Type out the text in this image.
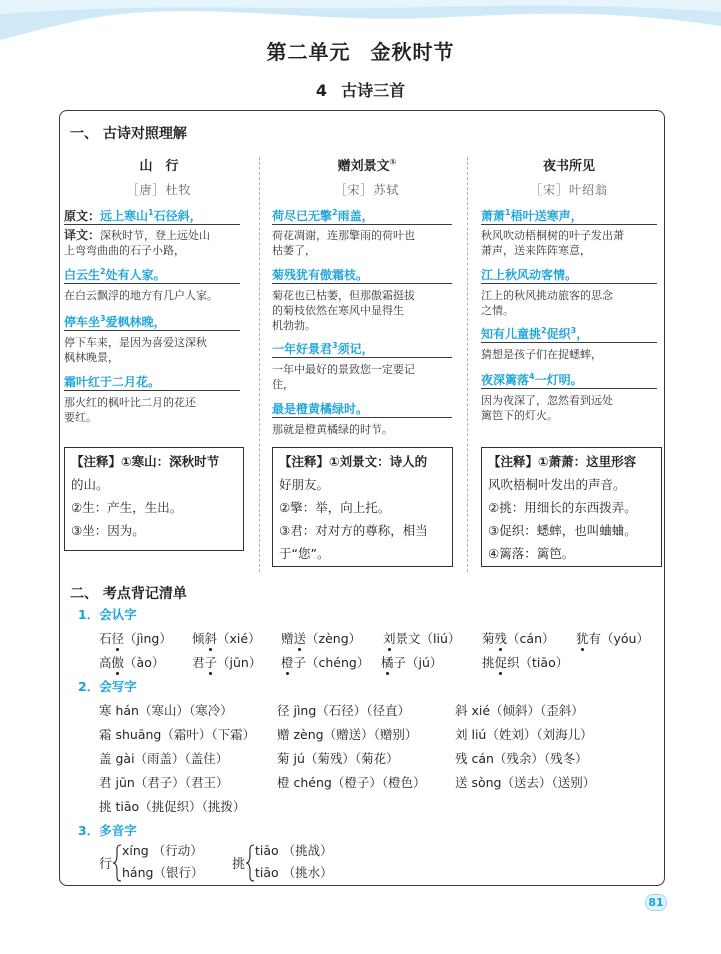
第二单元 金秋时节
4 古诗三首
一、 古诗对照理解
山　行
［唐］杜牧
原文：远上寒山$^1$石径斜，
译文：深秋时节，登上远处山
上弯弯曲曲的石子小路，
白云生$^2$处有人家。
在白云飘浮的地方有几户人家。
停车坐$^3$爱枫林晚，
停下车来，是因为喜爱这深秋
枫林晚景，
霜叶红于二月花。
那火红的枫叶比二月的花还
要红。
【注释】①寒山：深秋时节
的山。
②生：产生，生出。
③坐：因为。
赠刘景文①
［宋］苏轼
荷尽已无擎$^2$雨盖，
荷花凋谢，连那擎雨的荷叶也
枯萎了，
菊残犹有傲霜枝。
菊花也已枯萎，但那傲霜挺拔
的菊枝依然在寒风中显得生
机勃勃。
一年好景君$^3$须记，
一年中最好的景致您一定要记
住，
最是橙黄橘绿时。
那就是橙黄橘绿的时节。
【注释】①刘景文：诗人的
好朋友。
②擎：举，向上托。
③君：对对方的尊称，相当
于“您”。
夜书所见
［宋］叶绍翁
萧萧$^1$梧叶送寒声，
秋风吹动梧桐树的叶子发出萧
萧声，送来阵阵寒意，
江上秋风动客情。
江上的秋风挑动旅客的思念
之情。
知有儿童挑$^2$促织$^3$，
猜想是孩子们在捉蟋蟀，
夜深篱落$^4$一灯明。
因为夜深了，忽然看到远处
篱笆下的灯火。
【注释】①萧萧：这里形容
风吹梧桐叶发出的声音。
②挑：用细长的东西拨弄。
③促织：蟋蟀，也叫蛐蛐。
④篱落：篱笆。
二、 考点背记清单
1．会认字
石径（jìng） 倾斜（xié） 赠送（zèng） 刘景文（liú） 菊残（cán） 犹有（yóu）
高傲（ào） 君子（jūn） 橙子（chéng） 橘子（jú）	挑促织（tiāo）
2．会写字
寒 hán（寒山）（寒冷）	径 jìng（石径）（径直）	斜 xié（倾斜）（歪斜）
霜 shuāng（霜叶）（下霜） 赠 zèng（赠送）（赠别）	刘 liú（姓刘）（刘海儿）
盖 gài（雨盖）（盖住）	菊 jú（菊残）（菊花）	残 cán（残余）（残冬）
君 jūn（君子）（君王）	橙 chéng（橙子）（橙色） 送 sòng（送去）（送别）
挑 tiāo（挑促织）（挑拨）
3．多音字
行
xíng （行动）
háng（银行）
挑
tiāo （挑战）
tiāo （挑水）
81
